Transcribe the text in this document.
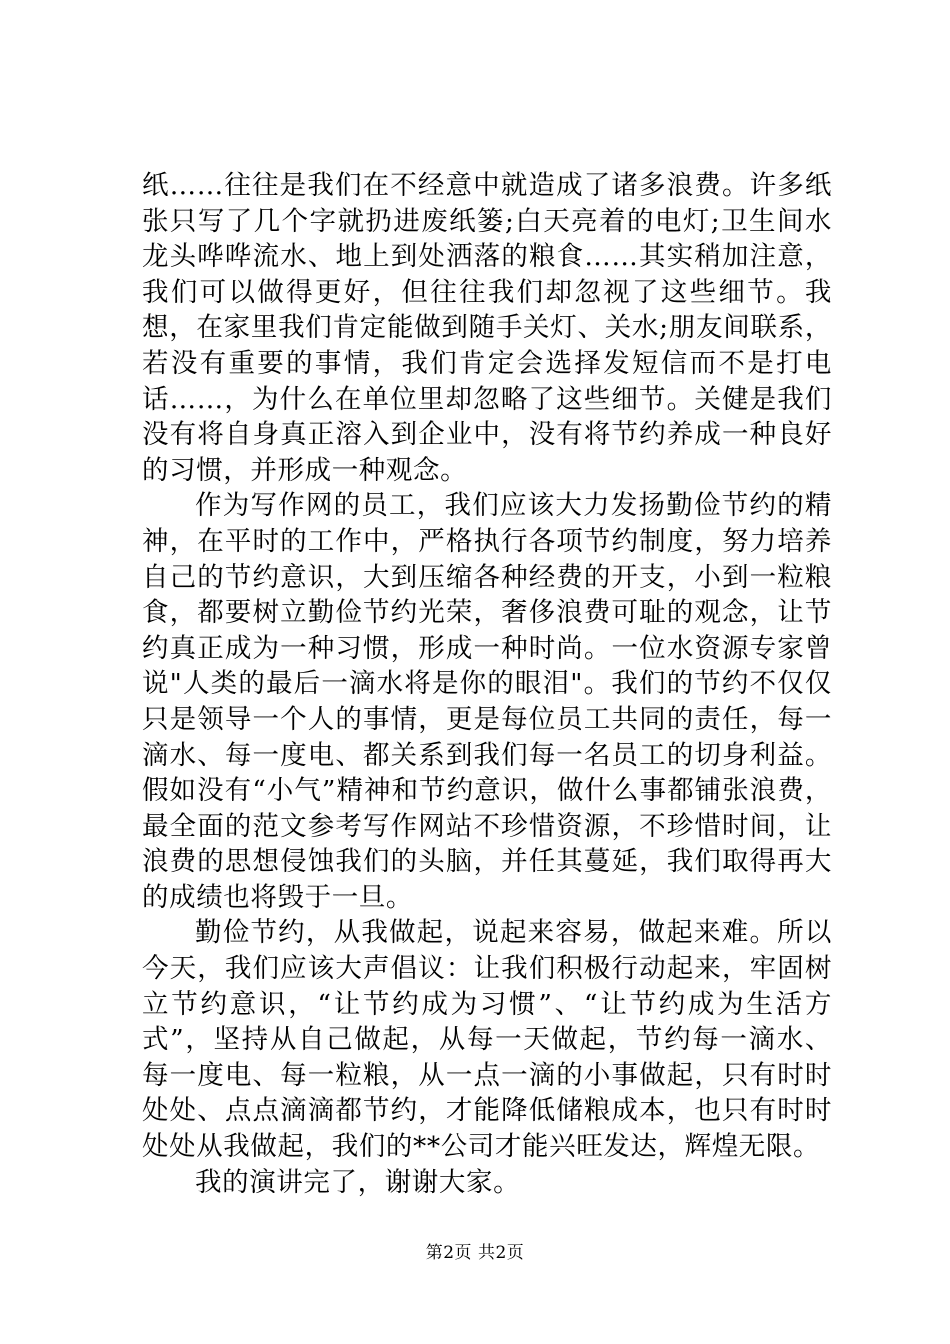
纸……往往是我们在不经意中就造成了诸多浪费。许多纸张只写了几个字就扔进废纸篓;白天亮着的电灯;卫生间水龙头哗哗流水、地上到处洒落的粮食……其实稍加注意，我们可以做得更好，但往往我们却忽视了这些细节。我想，在家里我们肯定能做到随手关灯、关水;朋友间联系，若没有重要的事情，我们肯定会选择发短信而不是打电话……，为什么在单位里却忽略了这些细节。关健是我们没有将自身真正溶入到企业中，没有将节约养成一种良好的习惯，并形成一种观念。

作为写作网的员工，我们应该大力发扬勤俭节约的精神，在平时的工作中，严格执行各项节约制度，努力培养自己的节约意识，大到压缩各种经费的开支，小到一粒粮食，都要树立勤俭节约光荣，奢侈浪费可耻的观念，让节约真正成为一种习惯，形成一种时尚。一位水资源专家曾说"人类的最后一滴水将是你的眼泪"。我们的节约不仅仅只是领导一个人的事情，更是每位员工共同的责任，每一滴水、每一度电、都关系到我们每一名员工的切身利益。假如没有“小气”精神和节约意识，做什么事都铺张浪费，最全面的范文参考写作网站不珍惜资源，不珍惜时间，让浪费的思想侵蚀我们的头脑，并任其蔓延，我们取得再大的成绩也将毁于一旦。

勤俭节约，从我做起，说起来容易，做起来难。所以今天，我们应该大声倡议：让我们积极行动起来，牢固树立节约意识，“让节约成为习惯”、“让节约成为生活方式”，坚持从自己做起，从每一天做起，节约每一滴水、每一度电、每一粒粮，从一点一滴的小事做起，只有时时处处、点点滴滴都节约，才能降低储粮成本，也只有时时处处从我做起，我们的**公司才能兴旺发达，辉煌无限。

我的演讲完了，谢谢大家。

第2页 共2页
